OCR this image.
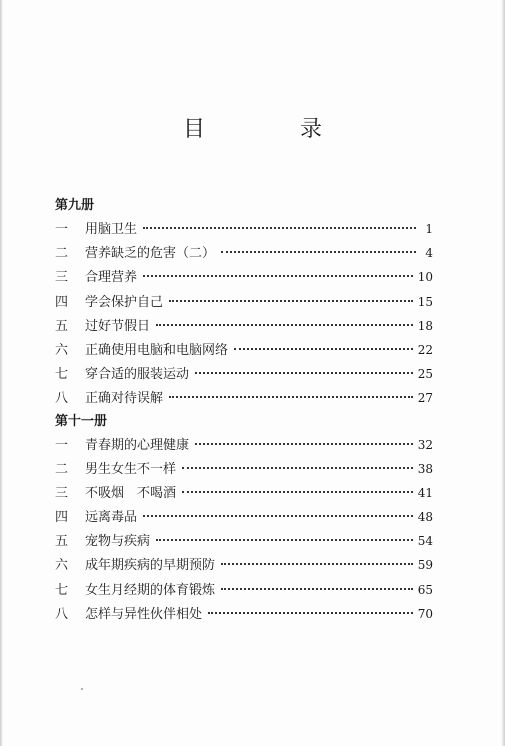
目 录
第九册
一	用脑卫生	1
二	营养缺乏的危害（二）	4
三	合理营养	10
四	学会保护自己	15
五	过好节假日	18
六	正确使用电脑和电脑网络	22
七	穿合适的服装运动	25
八	正确对待误解	27
第十一册
一	青春期的心理健康	32
二	男生女生不一样	38
三	不吸烟　不喝酒	41
四	远离毒品	48
五	宠物与疾病	54
六	成年期疾病的早期预防	59
七	女生月经期的体育锻炼	65
八	怎样与异性伙伴相处	70
